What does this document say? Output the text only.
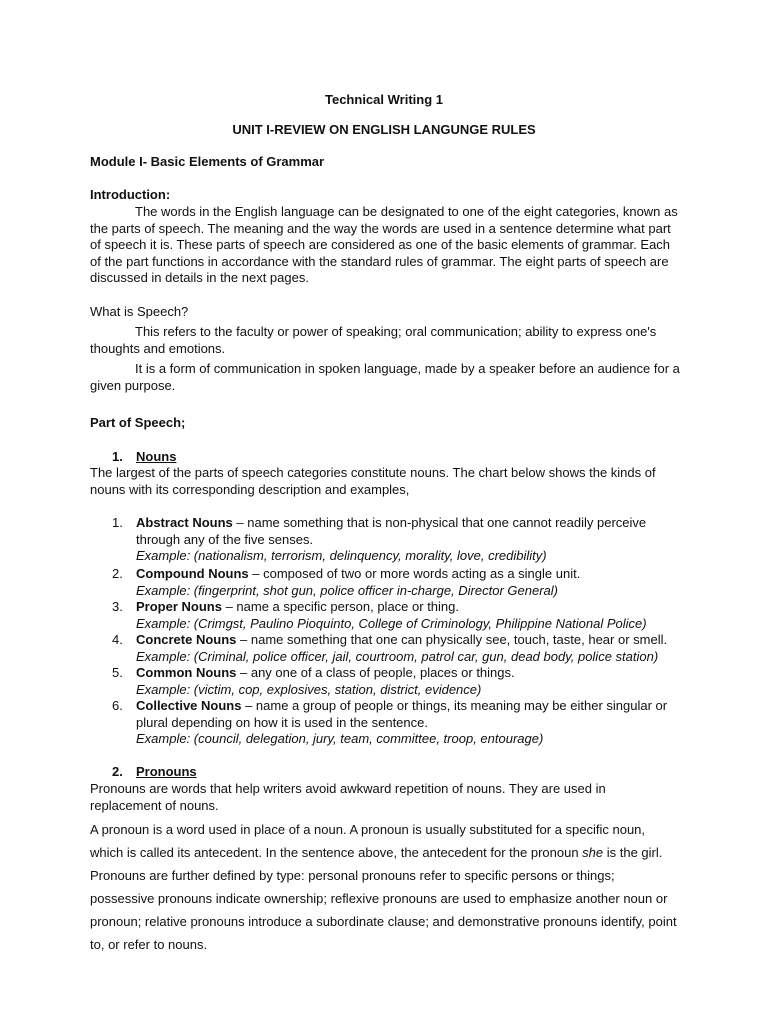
Technical Writing 1
UNIT I-REVIEW ON ENGLISH LANGUNGE RULES
Module I- Basic Elements of Grammar
Introduction:
The words in the English language can be designated to one of the eight categories, known as the parts of speech. The meaning and the way the words are used in a sentence determine what part of speech it is. These parts of speech are considered as one of the basic elements of grammar. Each of the part functions in accordance with the standard rules of grammar. The eight parts of speech are discussed in details in the next pages.
What is Speech?
This refers to the faculty or power of speaking; oral communication; ability to express one's thoughts and emotions.
It is a form of communication in spoken language, made by a speaker before an audience for a given purpose.
Part of Speech;
1. Nouns
The largest of the parts of speech categories constitute nouns. The chart below shows the kinds of nouns with its corresponding description and examples,
1. Abstract Nouns – name something that is non-physical that one cannot readily perceive through any of the five senses.
Example: (nationalism, terrorism, delinquency, morality, love, credibility)
2. Compound Nouns – composed of two or more words acting as a single unit.
Example: (fingerprint, shot gun, police officer in-charge, Director General)
3. Proper Nouns – name a specific person, place or thing.
Example: (Crimgst, Paulino Pioquinto, College of Criminology, Philippine National Police)
4. Concrete Nouns – name something that one can physically see, touch, taste, hear or smell.
Example: (Criminal, police officer, jail, courtroom, patrol car, gun, dead body, police station)
5. Common Nouns – any one of a class of people, places or things.
Example: (victim, cop, explosives, station, district, evidence)
6. Collective Nouns – name a group of people or things, its meaning may be either singular or plural depending on how it is used in the sentence.
Example: (council, delegation, jury, team, committee, troop, entourage)
2. Pronouns
Pronouns are words that help writers avoid awkward repetition of nouns. They are used in replacement of nouns.
A pronoun is a word used in place of a noun. A pronoun is usually substituted for a specific noun, which is called its antecedent. In the sentence above, the antecedent for the pronoun she is the girl. Pronouns are further defined by type: personal pronouns refer to specific persons or things; possessive pronouns indicate ownership; reflexive pronouns are used to emphasize another noun or pronoun; relative pronouns introduce a subordinate clause; and demonstrative pronouns identify, point to, or refer to nouns.
